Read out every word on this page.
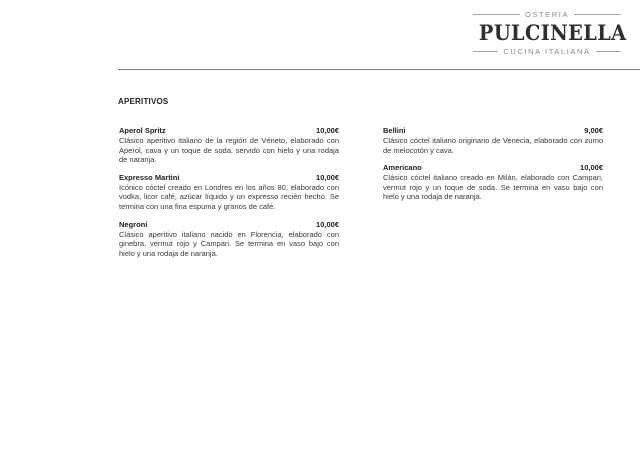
OSTERIA
PULCINELLA
CUCINA ITALIANA
APERITIVOS
Aperol Spritz	10,00€
Clásico aperitivo italiano de la región de Véneto, elaborado con Aperol, cava y un toque de soda, servido con hielo y una rodaja de naranja.
Expresso Martini	10,00€
Icónico cóctel creado en Londres en los años 80, elaborado con vodka, licor café, azúcar líquido y un expresso recién hecho. Se termina con una fina espuma y granos de café.
Negroni	10,00€
Clásico aperitivo italiano nacido en Florencia, elaborado con ginebra, vermut rojo y Campari. Se termina en vaso bajo con hielo y una rodaja de naranja.
Bellini	9,00€
Clásico cóctel italiano originario de Venecia, elaborado con zumo de melocotón y cava.
Americano	10,00€
Clásico cóctel italiano creado en Milán, elaborado con Campari, vermut rojo y un toque de soda. Se termina en vaso bajo con hielo y una rodaja de naranja.
